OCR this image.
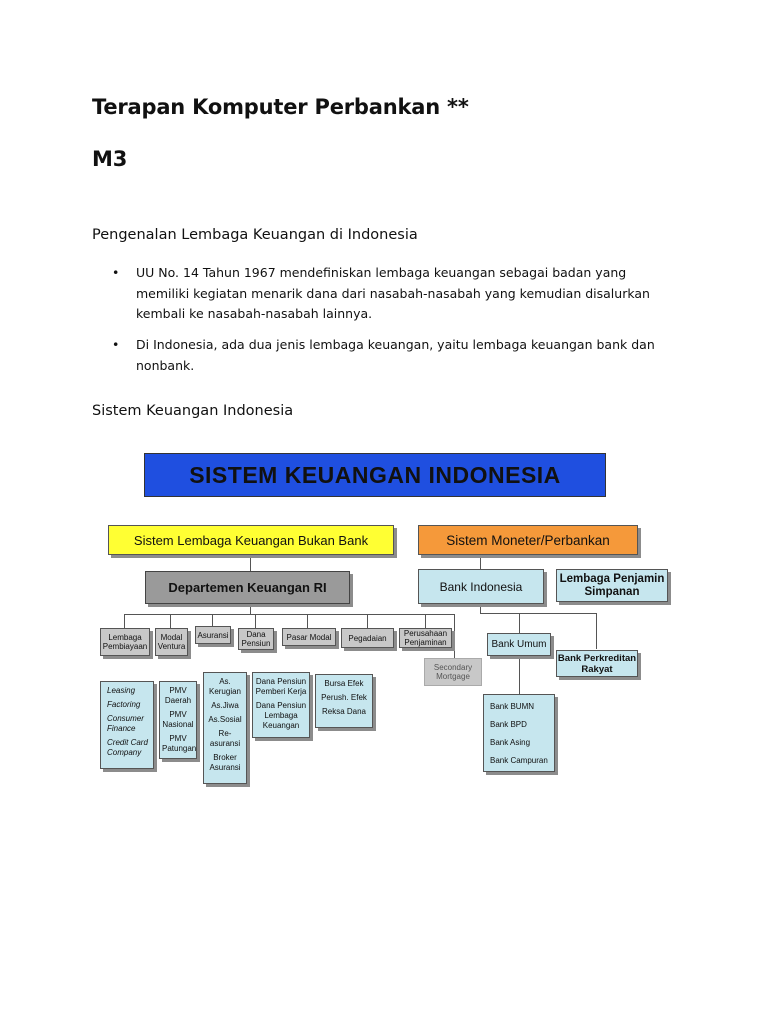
Terapan Komputer Perbankan **
M3
Pengenalan Lembaga Keuangan di Indonesia
• UU No. 14 Tahun 1967 mendefiniskan lembaga keuangan sebagai badan yang memiliki kegiatan menarik dana dari nasabah-nasabah yang kemudian disalurkan kembali ke nasabah-nasabah lainnya.
• Di Indonesia, ada dua jenis lembaga keuangan, yaitu lembaga keuangan bank dan nonbank.
Sistem Keuangan Indonesia
SISTEM KEUANGAN INDONESIA
Sistem Lembaga Keuangan Bukan Bank	Sistem Moneter/Perbankan
Departemen Keuangan RI	Bank Indonesia
Lembaga Penjamin Simpanan
Lembaga Pembiayaan
Modal Ventura
Asuransi	Dana Pensiun
Pasar Modal	Pegadaian	Perusahaan Penjaminan
Secondary Mortgage
Bank Umum
Bank Perkreditan Rakyat
Leasing
Factoring
Consumer Finance
Credit Card Company
PMV Daerah
PMV Nasional
PMV Patungan
As. Kerugian
As.Jiwa
As.Sosial
Re-asuransi
Broker Asuransi
Dana Pensiun Pemberi Kerja
Dana Pensiun Lembaga Keuangan
Bursa Efek
Perush. Efek
Reksa Dana
Bank BUMN
Bank BPD
Bank Asing
Bank Campuran
